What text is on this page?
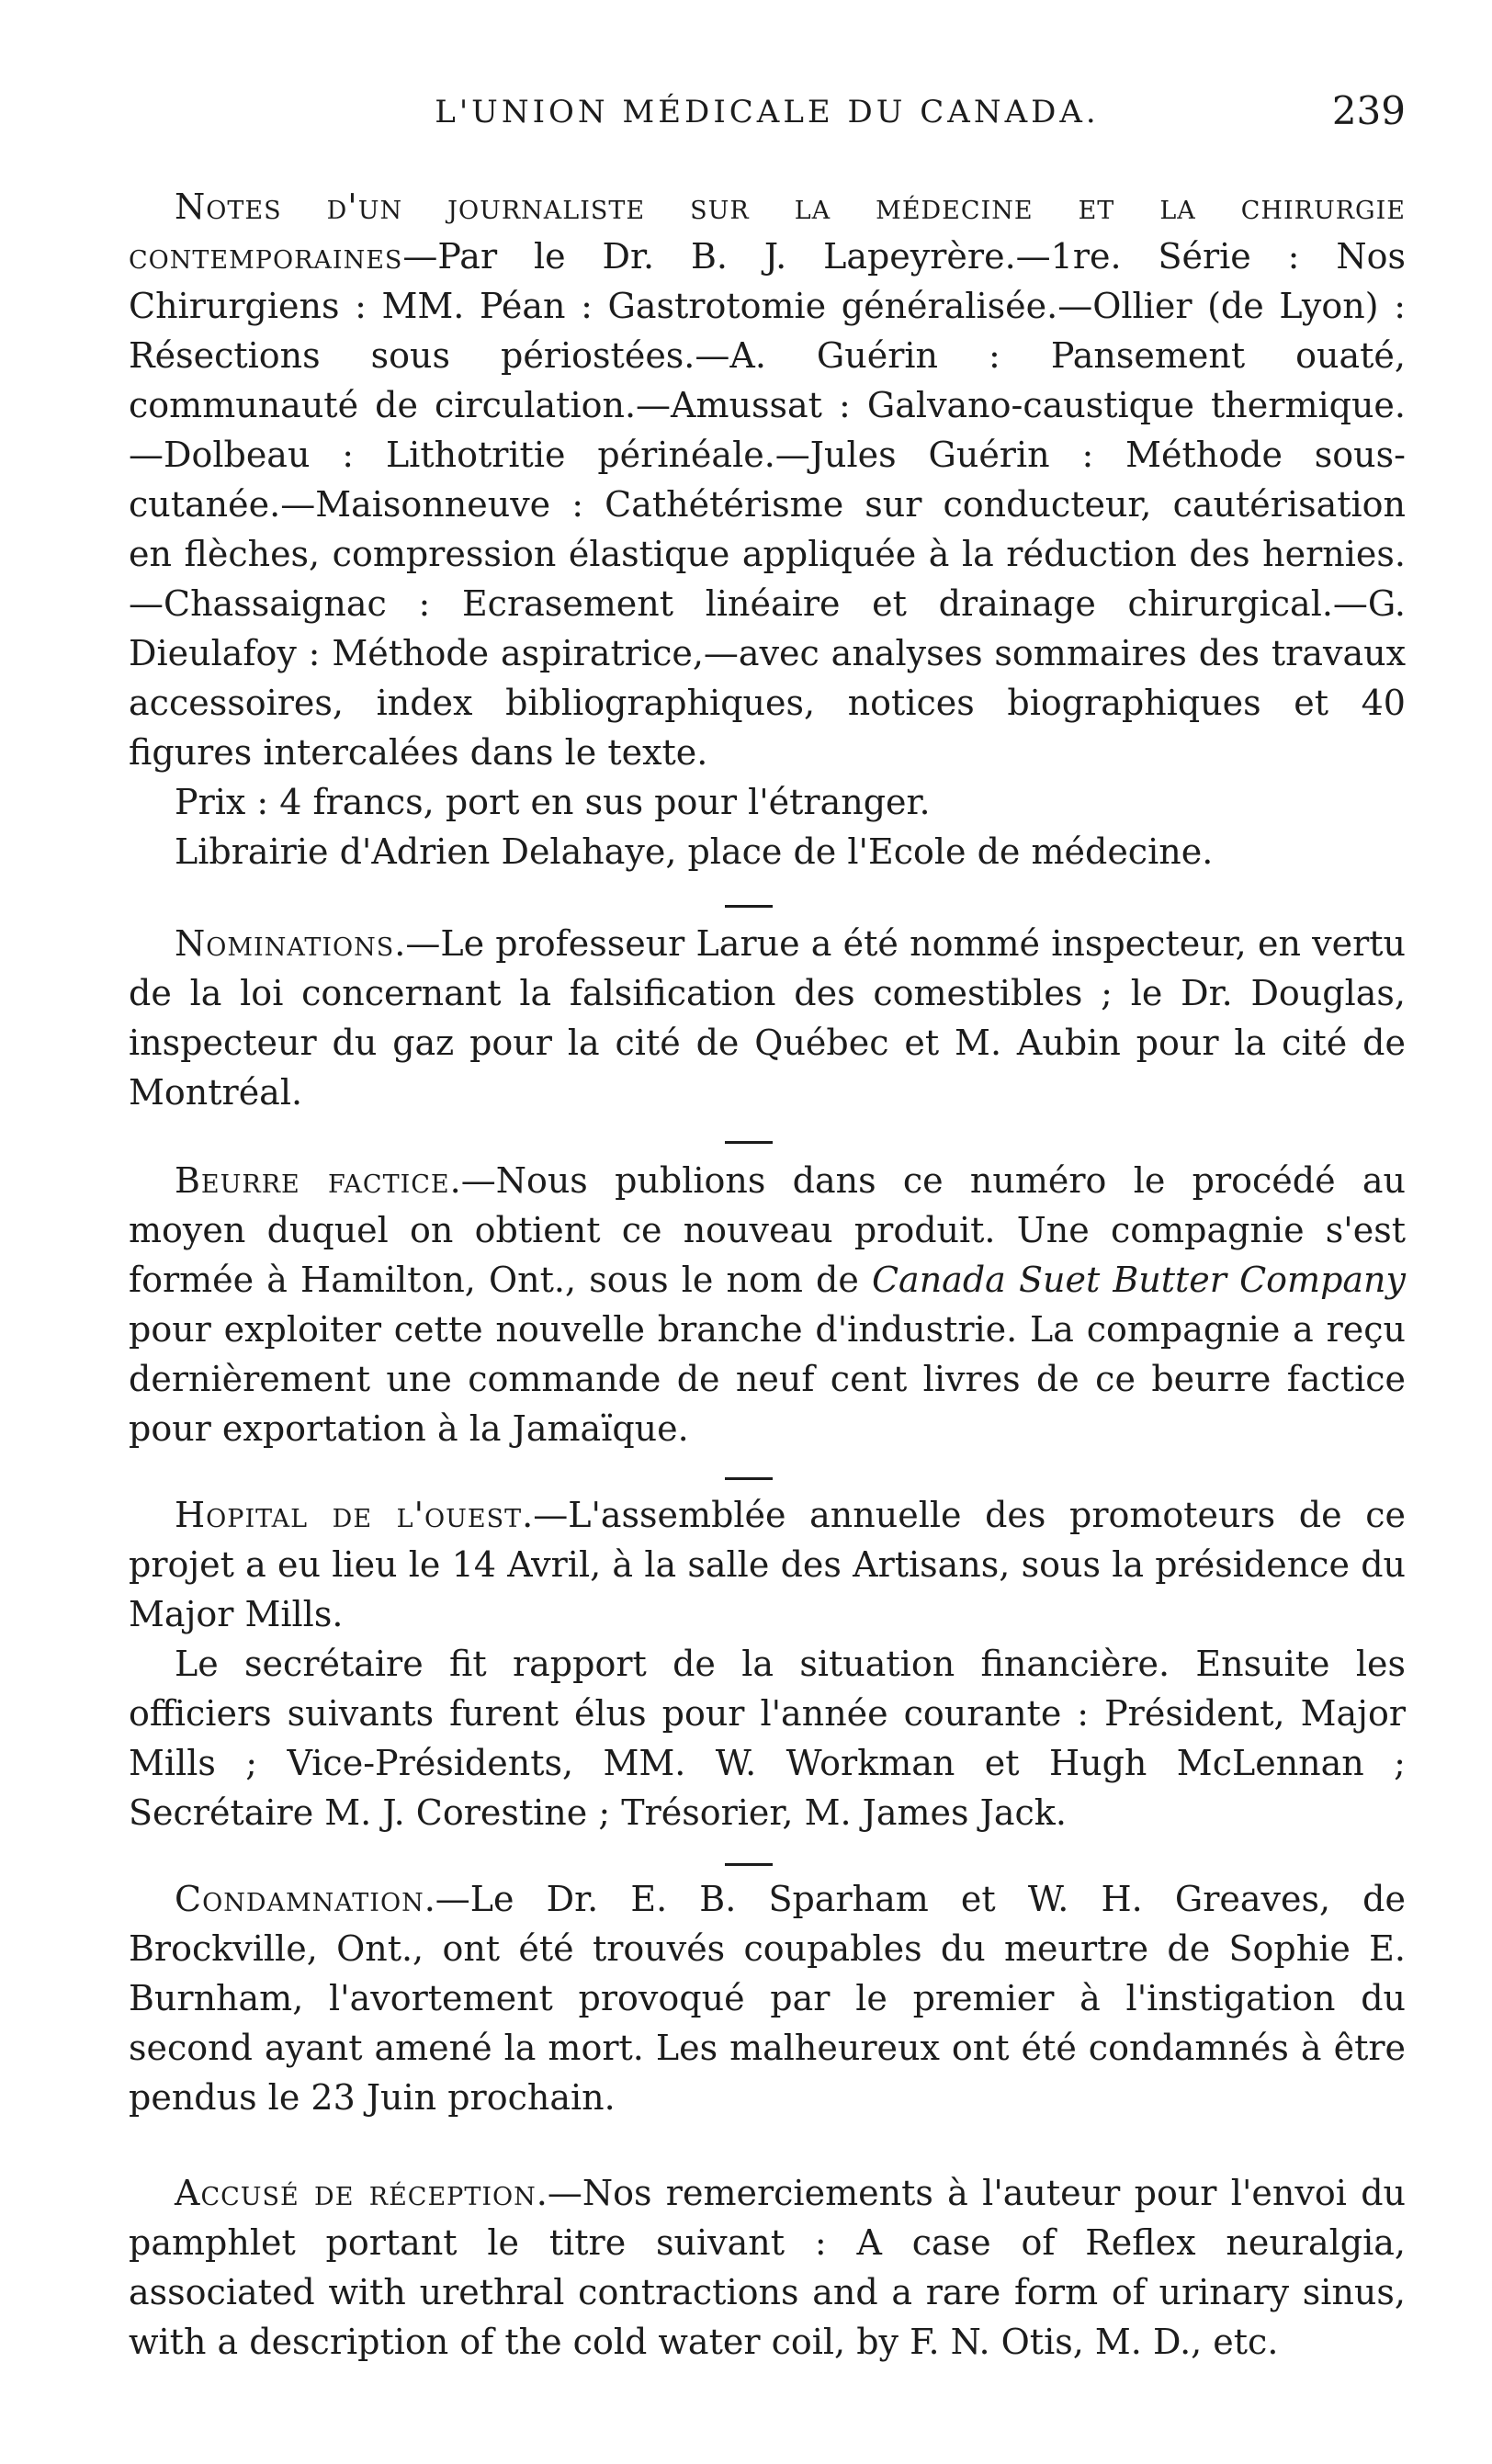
L'UNION MÉDICALE DU CANADA.	239

Notes d'un journaliste sur la médecine et la chirurgie contemporaines—Par le Dr. B. J. Lapeyrère.—1re. Série : Nos Chirurgiens : MM. Péan : Gastrotomie généralisée.—Ollier (de Lyon) : Résections sous périostées.—A. Guérin : Pansement ouaté, communauté de circulation.—Amussat : Galvano-caustique thermique.—Dolbeau : Lithotritie périnéale.—Jules Guérin : Méthode sous-cutanée.—Maisonneuve : Cathétérisme sur conducteur, cautérisation en flèches, compression élastique appliquée à la réduction des hernies.—Chassaignac : Ecrasement linéaire et drainage chirurgical.—G. Dieulafoy : Méthode aspiratrice,—avec analyses sommaires des travaux accessoires, index bibliographiques, notices biographiques et 40 figures intercalées dans le texte.

Prix : 4 francs, port en sus pour l'étranger.

Librairie d'Adrien Delahaye, place de l'Ecole de médecine.

Nominations.—Le professeur Larue a été nommé inspecteur, en vertu de la loi concernant la falsification des comestibles ; le Dr. Douglas, inspecteur du gaz pour la cité de Québec et M. Aubin pour la cité de Montréal.

Beurre factice.—Nous publions dans ce numéro le procédé au moyen duquel on obtient ce nouveau produit. Une compagnie s'est formée à Hamilton, Ont., sous le nom de Canada Suet Butter Company pour exploiter cette nouvelle branche d'industrie. La compagnie a reçu dernièrement une commande de neuf cent livres de ce beurre factice pour exportation à la Jamaïque.

Hopital de l'ouest.—L'assemblée annuelle des promoteurs de ce projet a eu lieu le 14 Avril, à la salle des Artisans, sous la présidence du Major Mills.

Le secrétaire fit rapport de la situation financière. Ensuite les officiers suivants furent élus pour l'année courante : Président, Major Mills ; Vice-Présidents, MM. W. Workman et Hugh McLennan ; Secrétaire M. J. Corestine ; Trésorier, M. James Jack.

Condamnation.—Le Dr. E. B. Sparham et W. H. Greaves, de Brockville, Ont., ont été trouvés coupables du meurtre de Sophie E. Burnham, l'avortement provoqué par le premier à l'instigation du second ayant amené la mort. Les malheureux ont été condamnés à être pendus le 23 Juin prochain.

Accusé de réception.—Nos remerciements à l'auteur pour l'envoi du pamphlet portant le titre suivant : A case of Reflex neuralgia, associated with urethral contractions and a rare form of urinary sinus, with a description of the cold water coil, by F. N. Otis, M. D., etc.
